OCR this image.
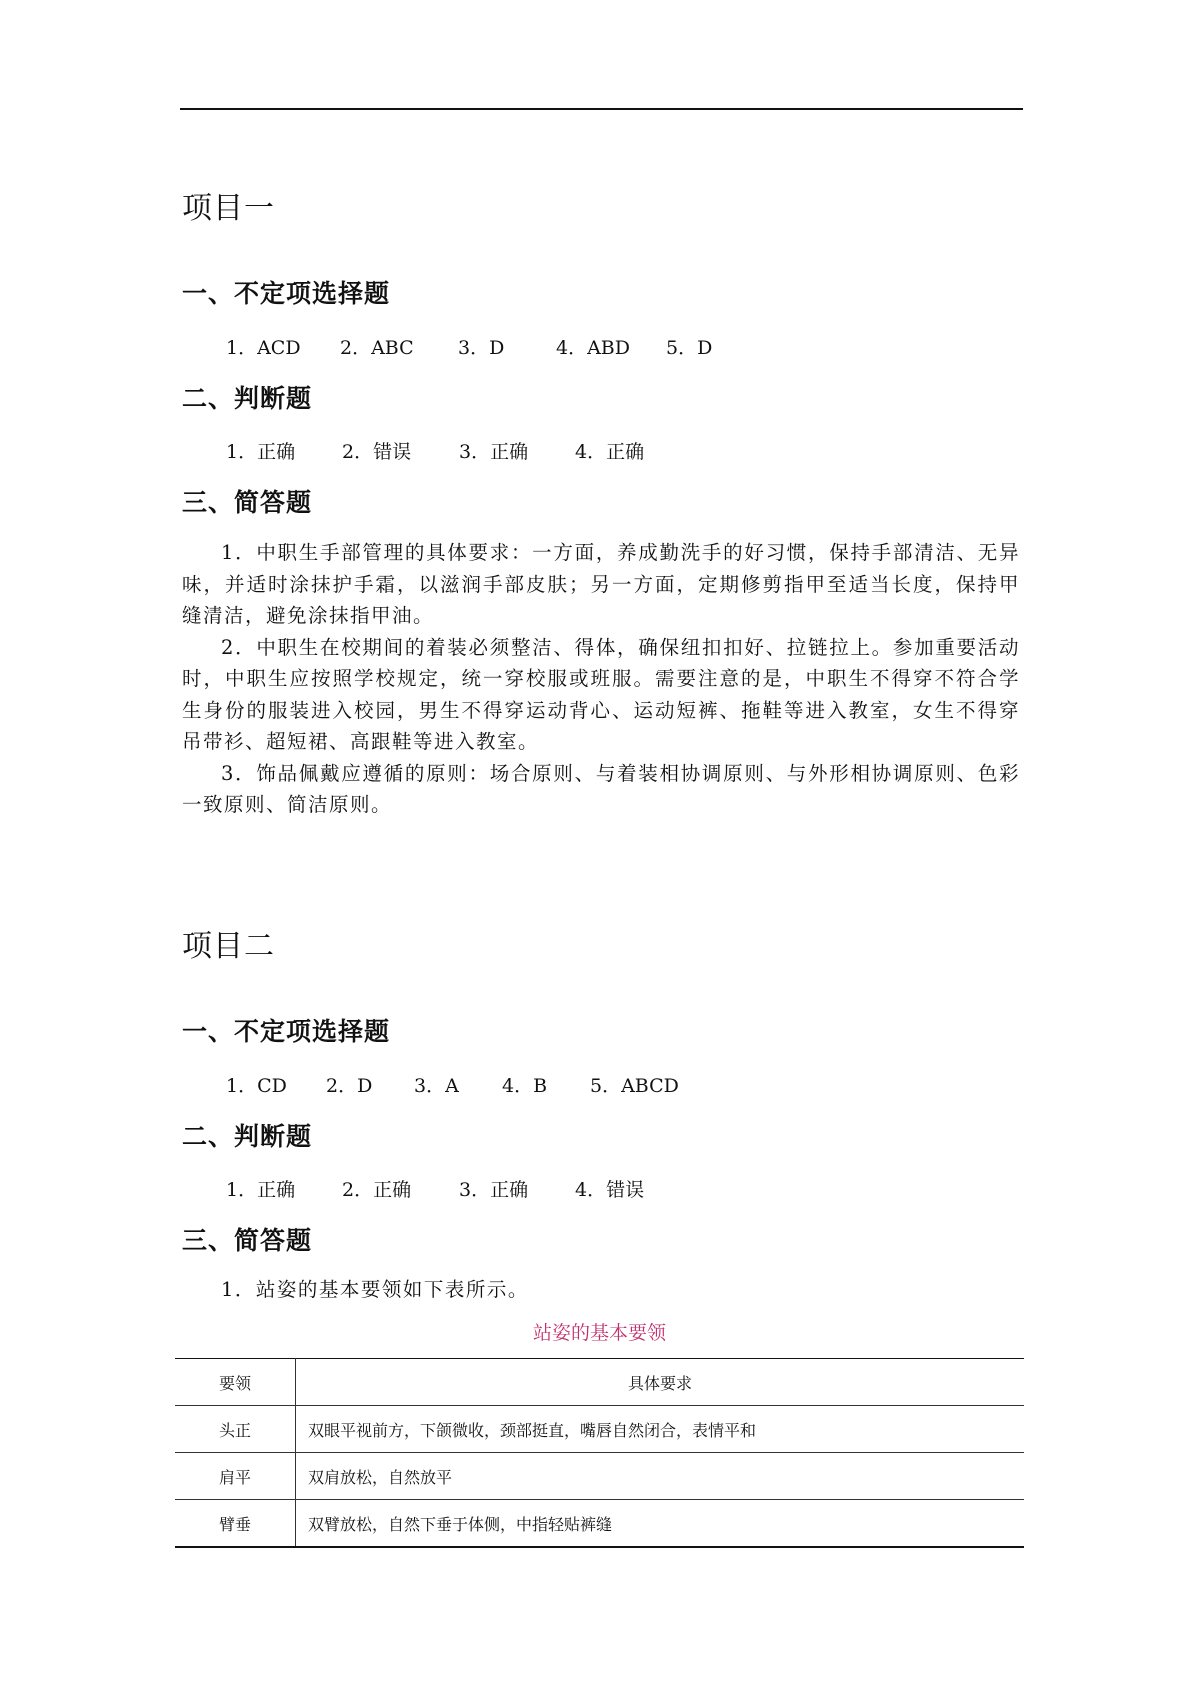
项目一
一、不定项选择题
1．ACD	2．ABC	3．D	4．ABD	5．D
二、判断题
1．正确	2．错误	3．正确	4．正确
三、简答题

1．中职生手部管理的具体要求：一方面，养成勤洗手的好习惯，保持手部清洁、无异味，并适时涂抹护手霜，以滋润手部皮肤；另一方面，定期修剪指甲至适当长度，保持甲缝清洁，避免涂抹指甲油。

2．中职生在校期间的着装必须整洁、得体，确保纽扣扣好、拉链拉上。参加重要活动时，中职生应按照学校规定，统一穿校服或班服。需要注意的是，中职生不得穿不符合学生身份的服装进入校园，男生不得穿运动背心、运动短裤、拖鞋等进入教室，女生不得穿吊带衫、超短裙、高跟鞋等进入教室。

3．饰品佩戴应遵循的原则：场合原则、与着装相协调原则、与外形相协调原则、色彩一致原则、简洁原则。

项目二
一、不定项选择题
1．CD	2．D	3．A	4．B	5．ABCD
二、判断题
1．正确	2．正确	3．正确	4．错误
三、简答题

1．站姿的基本要领如下表所示。

站姿的基本要领
要领	具体要求
头正	双眼平视前方，下颌微收，颈部挺直，嘴唇自然闭合，表情平和
肩平	双肩放松，自然放平
臂垂	双臂放松，自然下垂于体侧，中指轻贴裤缝
